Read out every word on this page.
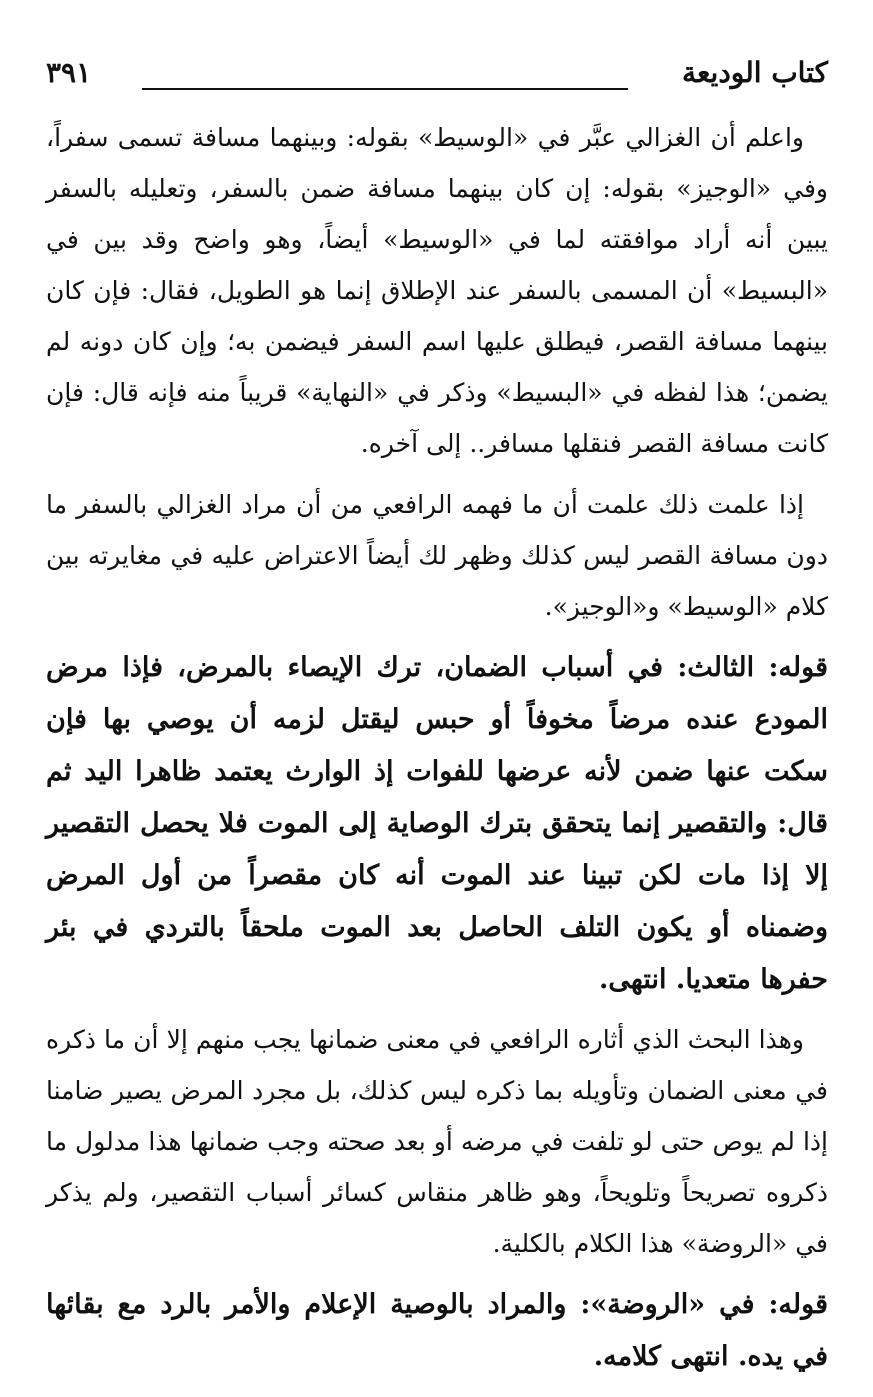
كتاب الوديعة
٣٩١

واعلم أن الغزالي عبَّر في «الوسيط» بقوله: وبينهما مسافة تسمى سفراً، وفي «الوجيز» بقوله: إن كان بينهما مسافة ضمن بالسفر، وتعليله بالسفر يبين أنه أراد موافقته لما في «الوسيط» أيضاً، وهو واضح وقد بين في «البسيط» أن المسمى بالسفر عند الإطلاق إنما هو الطويل، فقال: فإن كان بينهما مسافة القصر، فيطلق عليها اسم السفر فيضمن به؛ وإن كان دونه لم يضمن؛ هذا لفظه في «البسيط» وذكر في «النهاية» قريباً منه فإنه قال: فإن كانت مسافة القصر فنقلها مسافر.. إلى آخره.

إذا علمت ذلك علمت أن ما فهمه الرافعي من أن مراد الغزالي بالسفر ما دون مسافة القصر ليس كذلك وظهر لك أيضاً الاعتراض عليه في مغايرته بين كلام «الوسيط» و«الوجيز».

قوله: الثالث: في أسباب الضمان، ترك الإيصاء بالمرض، فإذا مرض المودع عنده مرضاً مخوفاً أو حبس ليقتل لزمه أن يوصي بها فإن سكت عنها ضمن لأنه عرضها للفوات إذ الوارث يعتمد ظاهرا اليد ثم قال: والتقصير إنما يتحقق بترك الوصاية إلى الموت فلا يحصل التقصير إلا إذا مات لكن تبينا عند الموت أنه كان مقصراً من أول المرض وضمناه أو يكون التلف الحاصل بعد الموت ملحقاً بالتردي في بئر حفرها متعديا. انتهى.

وهذا البحث الذي أثاره الرافعي في معنى ضمانها يجب منهم إلا أن ما ذكره في معنى الضمان وتأويله بما ذكره ليس كذلك، بل مجرد المرض يصير ضامنا إذا لم يوص حتى لو تلفت في مرضه أو بعد صحته وجب ضمانها هذا مدلول ما ذكروه تصريحاً وتلويحاً، وهو ظاهر منقاس كسائر أسباب التقصير، ولم يذكر في «الروضة» هذا الكلام بالكلية.

قوله: في «الروضة»: والمراد بالوصية الإعلام والأمر بالرد مع بقائها في يده. انتهى كلامه.
